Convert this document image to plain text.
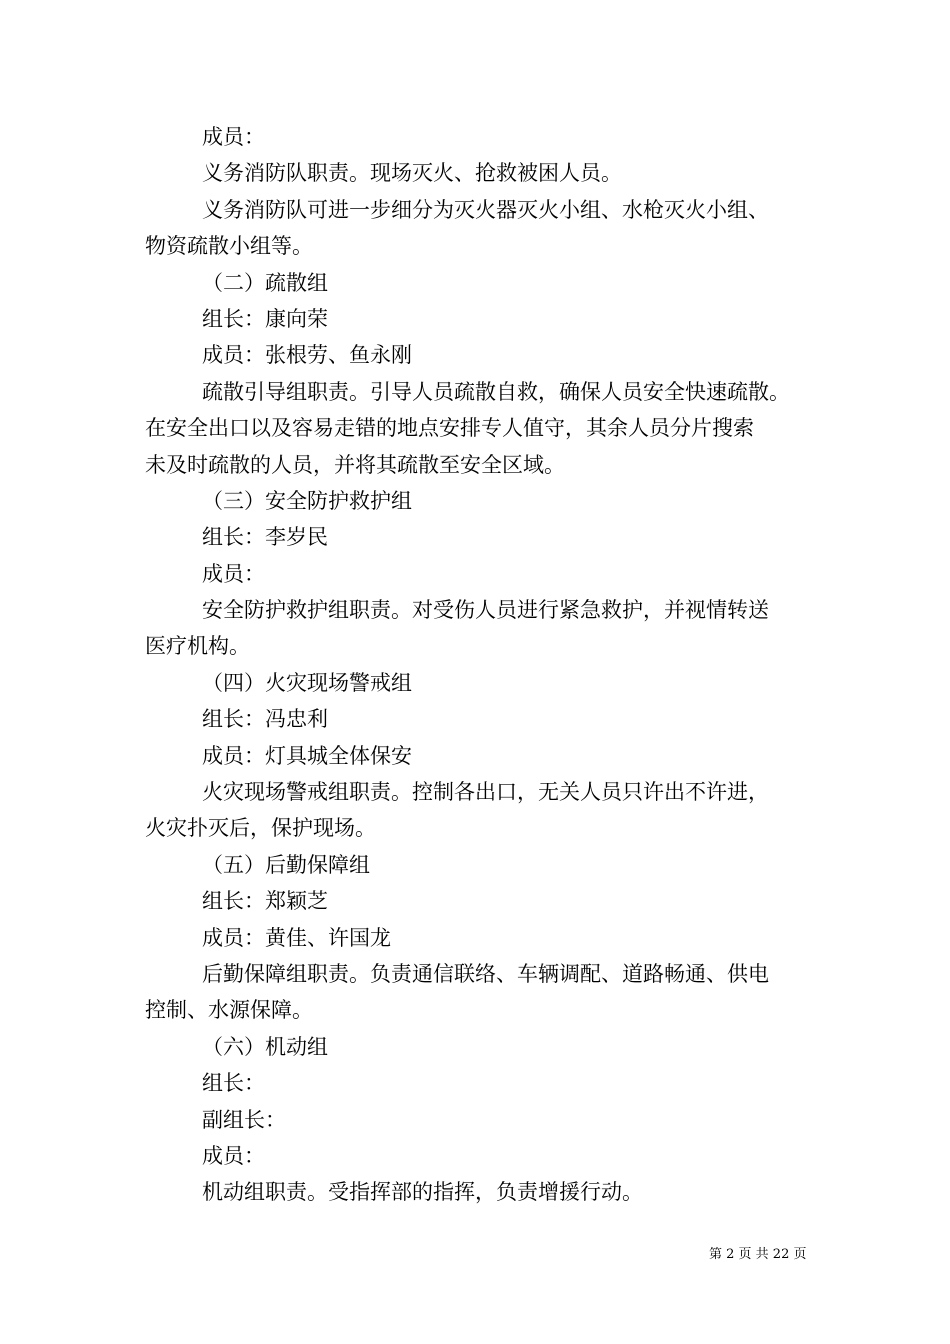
成员：
义务消防队职责。现场灭火、抢救被困人员。
义务消防队可进一步细分为灭火器灭火小组、水枪灭火小组、
物资疏散小组等。
（二）疏散组
组长：康向荣
成员：张根劳、鱼永刚
疏散引导组职责。引导人员疏散自救，确保人员安全快速疏散。
在安全出口以及容易走错的地点安排专人值守，其余人员分片搜索
未及时疏散的人员，并将其疏散至安全区域。
（三）安全防护救护组
组长：李岁民
成员：
安全防护救护组职责。对受伤人员进行紧急救护，并视情转送
医疗机构。
（四）火灾现场警戒组
组长：冯忠利
成员：灯具城全体保安
火灾现场警戒组职责。控制各出口，无关人员只许出不许进，
火灾扑灭后，保护现场。
（五）后勤保障组
组长：郑颖芝
成员：黄佳、许国龙
后勤保障组职责。负责通信联络、车辆调配、道路畅通、供电
控制、水源保障。
（六）机动组
组长：
副组长：
成员：
机动组职责。受指挥部的指挥，负责增援行动。
第 2 页 共 22 页
